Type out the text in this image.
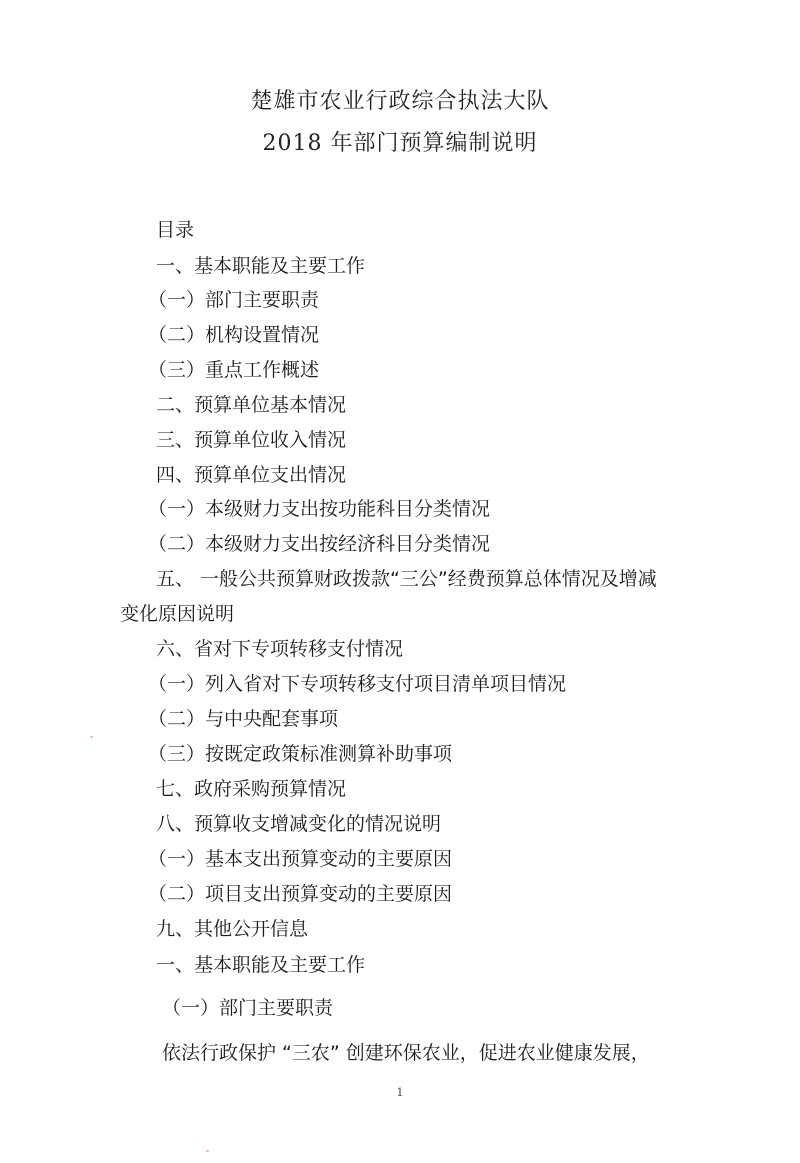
楚雄市农业行政综合执法大队
2018 年部门预算编制说明
目录
一、基本职能及主要工作
（一）部门主要职责
（二）机构设置情况
（三）重点工作概述
二、预算单位基本情况
三、预算单位收入情况
四、预算单位支出情况
（一）本级财力支出按功能科目分类情况
（二）本级财力支出按经济科目分类情况
五、 一般公共预算财政拨款“三公”经费预算总体情况及增减
变化原因说明
六、省对下专项转移支付情况
（一）列入省对下专项转移支付项目清单项目情况
（二）与中央配套事项
（三）按既定政策标准测算补助事项
七、政府采购预算情况
八、预算收支增减变化的情况说明
（一）基本支出预算变动的主要原因
（二）项目支出预算变动的主要原因
九、其他公开信息
一、基本职能及主要工作
（一）部门主要职责
依法行政保护 “三农” 创建环保农业，促进农业健康发展，
1
